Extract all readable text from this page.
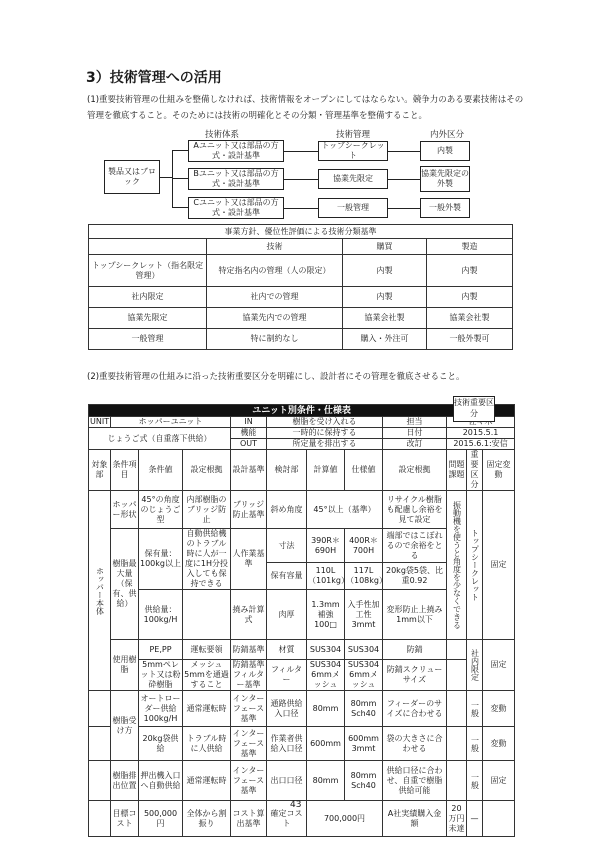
3）技術管理への活用
(1)重要技術管理の仕組みを整備しなければ、技術情報をオープンにしてはならない。競争力のある要素技術はその管理を徹底すること。そのためには技術の明確化とその分類・管理基準を整備すること。
技術体系	技術管理	内外区分
製品又はブロック
Aユニット又は部品の方式・設計基準
Bユニット又は部品の方式・設計基準
Cユニット又は部品の方式・設計基準
トップシークレット
協業先限定
一般管理
内製
協業先限定の外製
一般外製
事業方針、優位性評価による技術分類基準			
	技術	購買	製造
トップシークレット（指名限定管理）	特定指名内の管理（人の限定）	内製	内製
社内限定	社内での管理	内製	内製
協業先限定	協業先内での管理	協業会社製	協業会社製
一般管理	特に制約なし	購入・外注可	一般外製可
(2)重要技術管理の仕組みに沿った技術重要区分を明確にし、設計者にその管理を徹底させること。
ユニット別条件・仕様表											
UNIT	ホッパーユニット			IN	樹脂を受け入れる			担当	
じょうご式（自重落下供給）				機能	一時的に保持する			日付	2015.5.1		
				OUT	所定量を排出する			改訂	2015.6.1:安信		
対象部	条件項目	条件値	設定根拠	設計基準	検討部	計算値	仕様値	設定根拠	問題課題	重要区分	固定変動
ホッパー本体	ホッパー形状	45°の角度のじょうご型	内部樹脂のブリッジ防止	ブリッジ防止基準	斜め角度	45°以上（基準）		リサイクル樹脂も配慮し余裕を見て設定	振動機を使うと角度を少なくできる	トップシークレット	固定
	樹脂最大量（保有、供給）	保有量：100kg以上	自動供給機のトラブル時に人が一度に1H分投入しても保持できる	人作業基準	寸法	390R＊690H	400R＊700H	端部ではこぼれるので余裕をとる			
					保有容量	110L（101kg）	117L（108kg）	20kg袋5袋、比重0.92			
		供給量：100kg/H		撓み計算式	肉厚	1.3mm補強100□	入手性加工性3mmt	変形防止上撓み1mm以下			
	使用樹脂	PE,PP	運転要領	防錆基準	材質	SUS304	SUS304	防錆		社内限定	固定
		5mmペレット又は粉砕樹脂	メッシュ5mmを通過すること	防錆基準フィルター基準	フィルター	SUS304 6mmメッシュ	SUS304 6mmメッシュ	防錆スクリューサイズ			
	樹脂受け方	オートローダー供給100kg/H	通常運転時	インターフェース基準	通路供給入口径	80mm	80mm Sch40	フィーダーのサイズに合わせる		一般	変動
		20kg袋供給	トラブル時に人供給	インターフェース基準	作業者供給入口径	600mm	600mm 3mmt	袋の大きさに合わせる		一般	変動
	樹脂排出位置	押出機入口へ自動供給	通常運転時	インターフェース基準	出口口径	80mm	80mm Sch40	供給口径に合わせ、自重で樹脂供給可能		一般	固定
	目標コスト	500,000円	全体から割振り	コスト算出基準	確定コスト	700,000円		A社実績購入金額	20万円未達	—	
技術重要区分
43
